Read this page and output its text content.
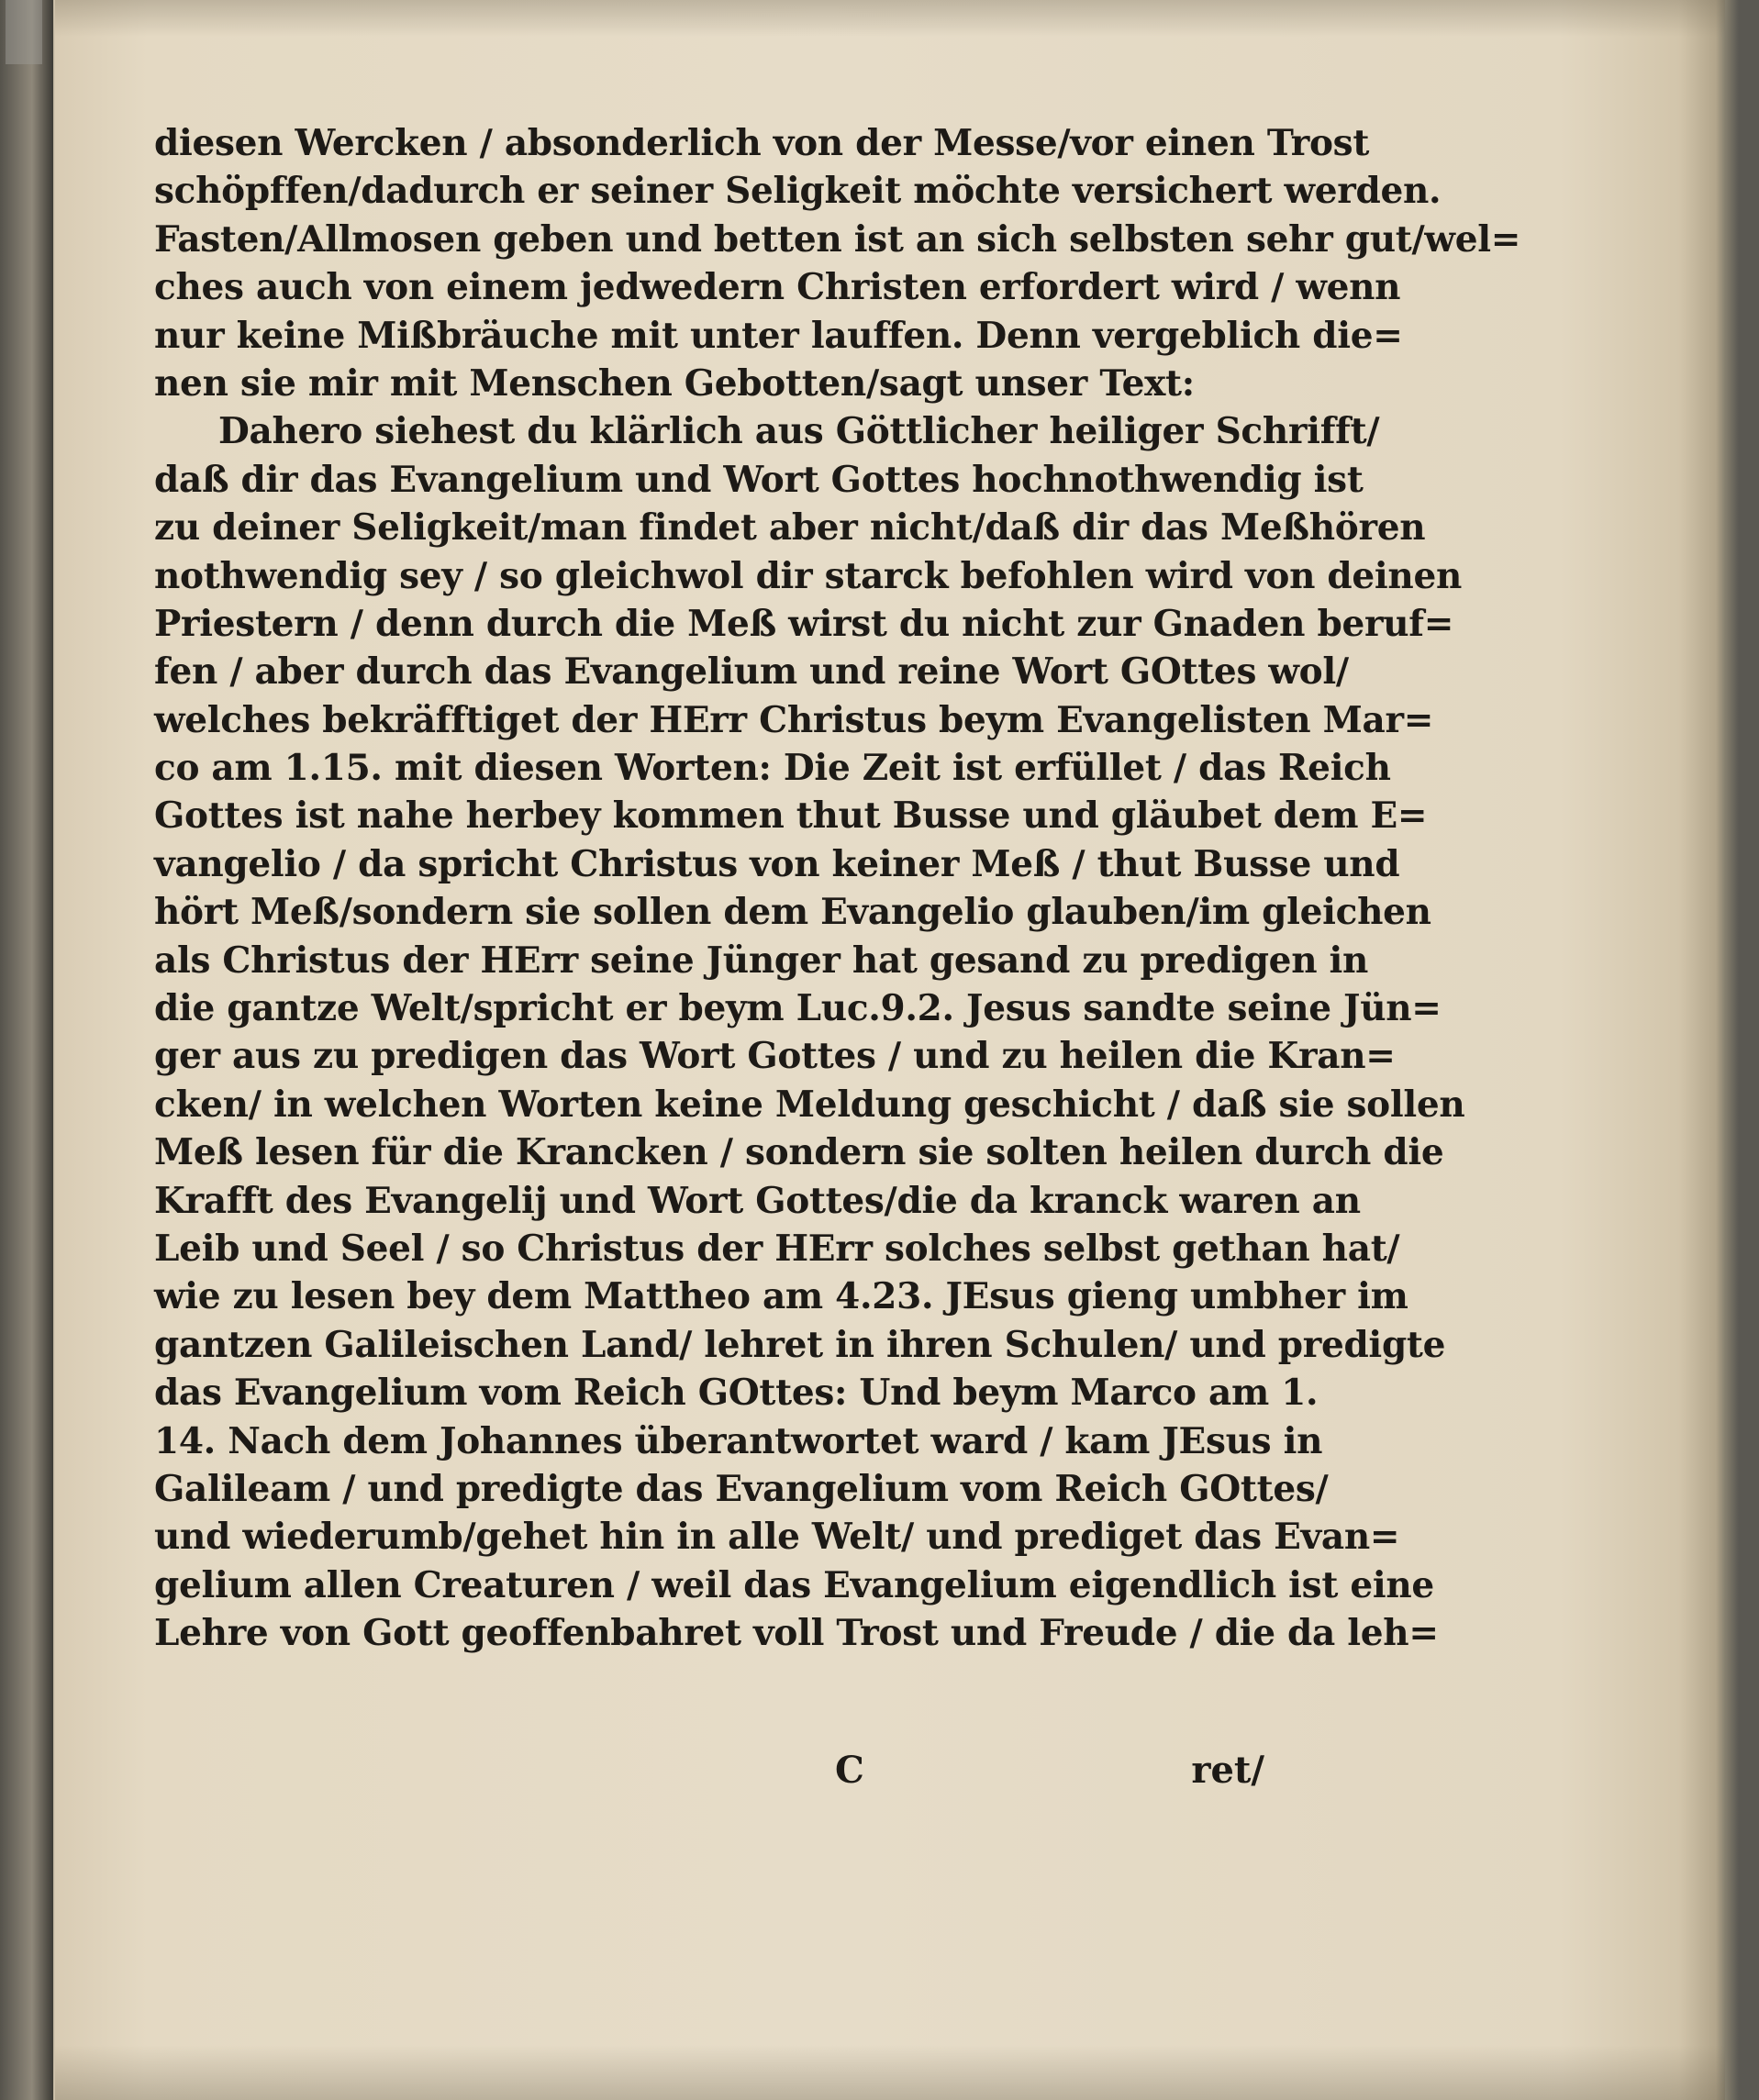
diesen Wercken / absonderlich von der Messe/vor einen Trost
schöpffen/dadurch er seiner Seligkeit möchte versichert werden.
Fasten/Allmosen geben und betten ist an sich selbsten sehr gut/wel=
ches auch von einem jedwedern Christen erfordert wird / wenn
nur keine Mißbräuche mit unter lauffen. Denn vergeblich die=
nen sie mir mit Menschen Gebotten/sagt unser Text:
Dahero siehest du klärlich aus Göttlicher heiliger Schrifft/
daß dir das Evangelium und Wort Gottes hochnothwendig ist
zu deiner Seligkeit/man findet aber nicht/daß dir das Meßhören
nothwendig sey / so gleichwol dir starck befohlen wird von deinen
Priestern / denn durch die Meß wirst du nicht zur Gnaden beruf=
fen / aber durch das Evangelium und reine Wort GOttes wol/
welches bekräfftiget der HErr Christus beym Evangelisten Mar=
co am 1.15. mit diesen Worten: Die Zeit ist erfüllet / das Reich
Gottes ist nahe herbey kommen thut Busse und gläubet dem E=
vangelio / da spricht Christus von keiner Meß / thut Busse und
hört Meß/sondern sie sollen dem Evangelio glauben/im gleichen
als Christus der HErr seine Jünger hat gesand zu predigen in
die gantze Welt/spricht er beym Luc.9.2. Jesus sandte seine Jün=
ger aus zu predigen das Wort Gottes / und zu heilen die Kran=
cken/ in welchen Worten keine Meldung geschicht / daß sie sollen
Meß lesen für die Krancken / sondern sie solten heilen durch die
Krafft des Evangelij und Wort Gottes/die da kranck waren an
Leib und Seel / so Christus der HErr solches selbst gethan hat/
wie zu lesen bey dem Mattheo am 4.23. JEsus gieng umbher im
gantzen Galileischen Land/ lehret in ihren Schulen/ und predigte
das Evangelium vom Reich GOttes: Und beym Marco am 1.
14. Nach dem Johannes überantwortet ward / kam JEsus in
Galileam / und predigte das Evangelium vom Reich GOttes/
und wiederumb/gehet hin in alle Welt/ und prediget das Evan=
gelium allen Creaturen / weil das Evangelium eigendlich ist eine
Lehre von Gott geoffenbahret voll Trost und Freude / die da leh=
C	ret/
